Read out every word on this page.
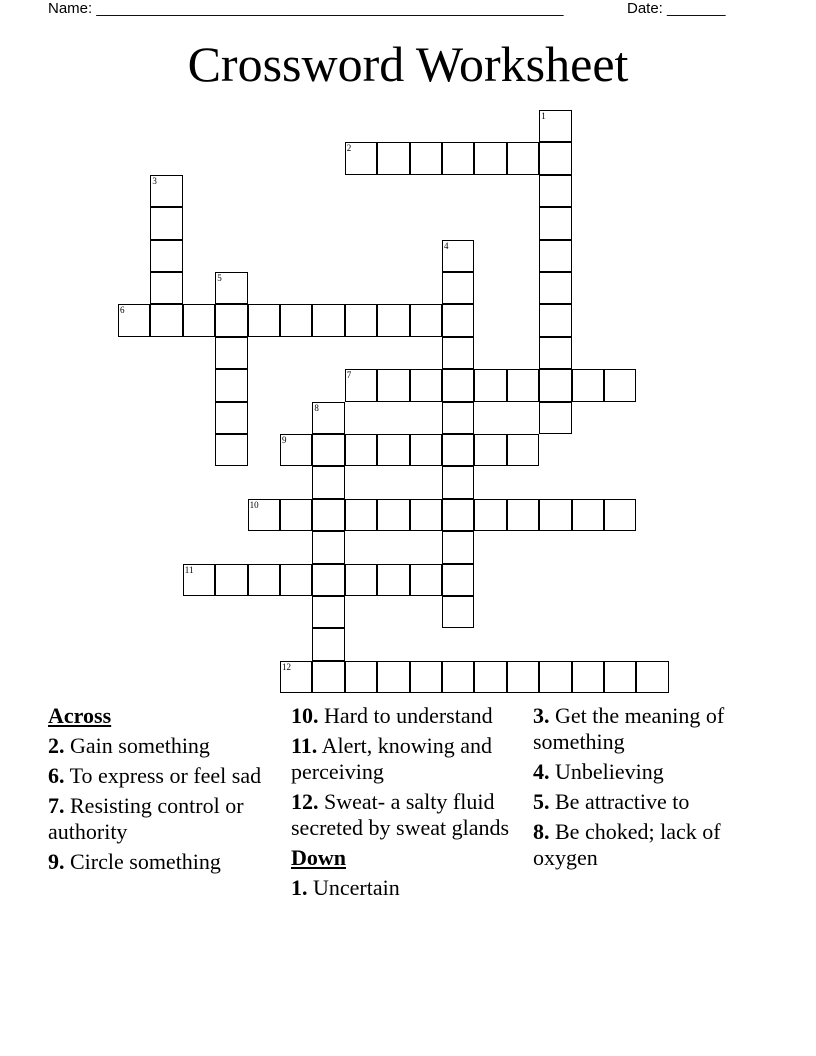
Name: ________________________________________________________	Date: _______
Crossword Worksheet
1
2
3
4
5
6
7
8
9
10
11
12
Across
2. Gain something
6. To express or feel sad
7. Resisting control or authority
9. Circle something
10. Hard to understand
11. Alert, knowing and perceiving
12. Sweat- a salty fluid secreted by sweat glands
Down
1. Uncertain
3. Get the meaning of something
4. Unbelieving
5. Be attractive to
8. Be choked; lack of oxygen
